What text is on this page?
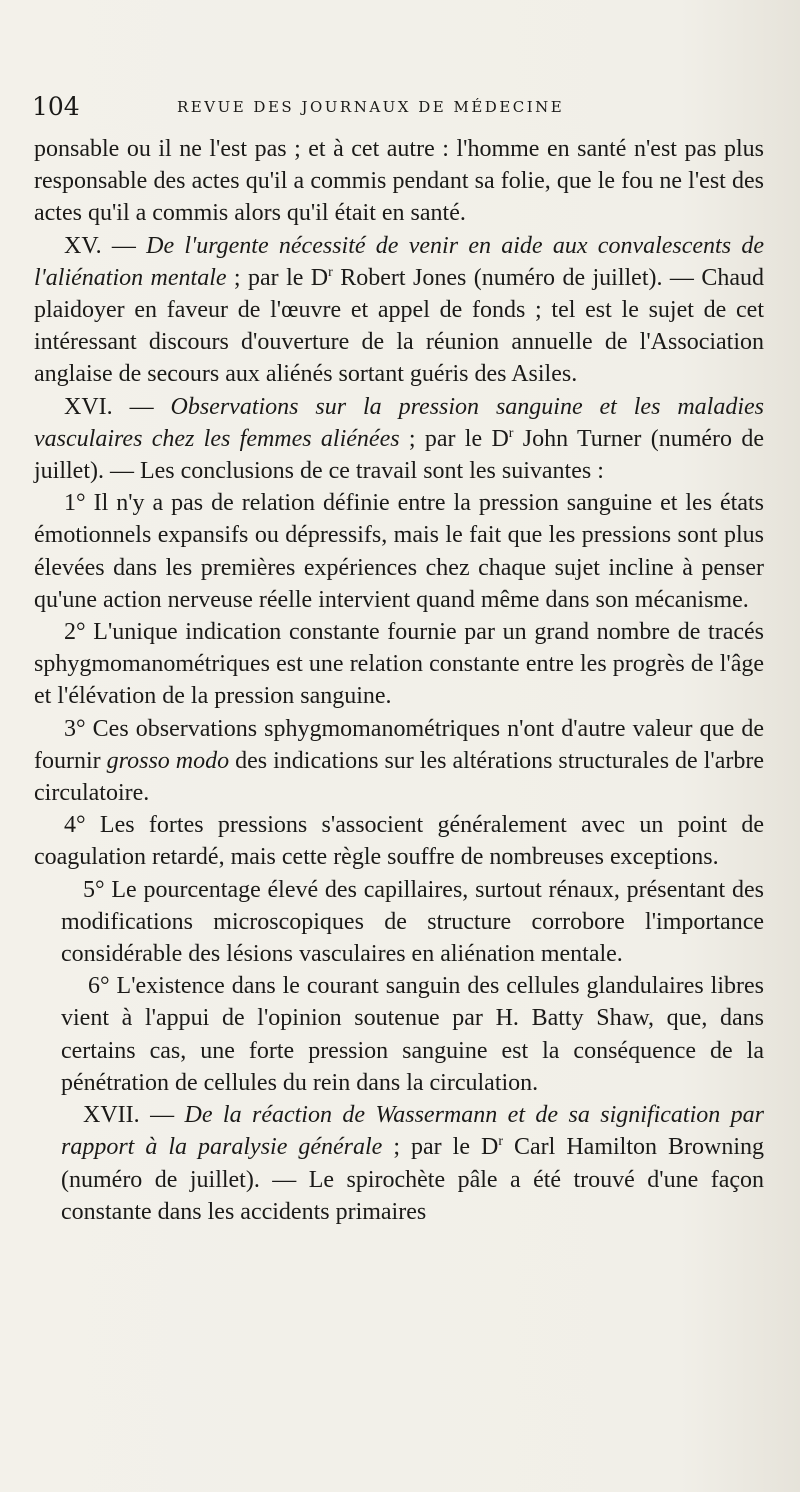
104	REVUE DES JOURNAUX DE MÉDECINE

ponsable ou il ne l'est pas ; et à cet autre : l'homme en santé n'est pas plus responsable des actes qu'il a commis pendant sa folie, que le fou ne l'est des actes qu'il a commis alors qu'il était en santé.

XV. — De l'urgente nécessité de venir en aide aux convalescents de l'aliénation mentale ; par le $D^r$ Robert Jones (numéro de juillet). — Chaud plaidoyer en faveur de l'œuvre et appel de fonds ; tel est le sujet de cet intéressant discours d'ouverture de la réunion annuelle de l'Association anglaise de secours aux aliénés sortant guéris des Asiles.

XVI. — Observations sur la pression sanguine et les maladies vasculaires chez les femmes aliénées ; par le $D^r$ John Turner (numéro de juillet). — Les conclusions de ce travail sont les suivantes :

1° Il n'y a pas de relation définie entre la pression sanguine et les états émotionnels expansifs ou dépressifs, mais le fait que les pressions sont plus élevées dans les premières expériences chez chaque sujet incline à penser qu'une action nerveuse réelle intervient quand même dans son mécanisme.

2° L'unique indication constante fournie par un grand nombre de tracés sphygmomanométriques est une relation constante entre les progrès de l'âge et l'élévation de la pression sanguine.

3° Ces observations sphygmomanométriques n'ont d'autre valeur que de fournir grosso modo des indications sur les altérations structurales de l'arbre circulatoire.

4° Les fortes pressions s'associent généralement avec un point de coagulation retardé, mais cette règle souffre de nombreuses exceptions.

5° Le pourcentage élevé des capillaires, surtout rénaux, présentant des modifications microscopiques de structure corrobore l'importance considérable des lésions vasculaires en aliénation mentale.

6° L'existence dans le courant sanguin des cellules glandulaires libres vient à l'appui de l'opinion soutenue par H. Batty Shaw, que, dans certains cas, une forte pression sanguine est la conséquence de la pénétration de cellules du rein dans la circulation.

XVII. — De la réaction de Wassermann et de sa signification par rapport à la paralysie générale ; par le $D^r$ Carl Hamilton Browning (numéro de juillet). — Le spirochète pâle a été trouvé d'une façon constante dans les accidents primaires
